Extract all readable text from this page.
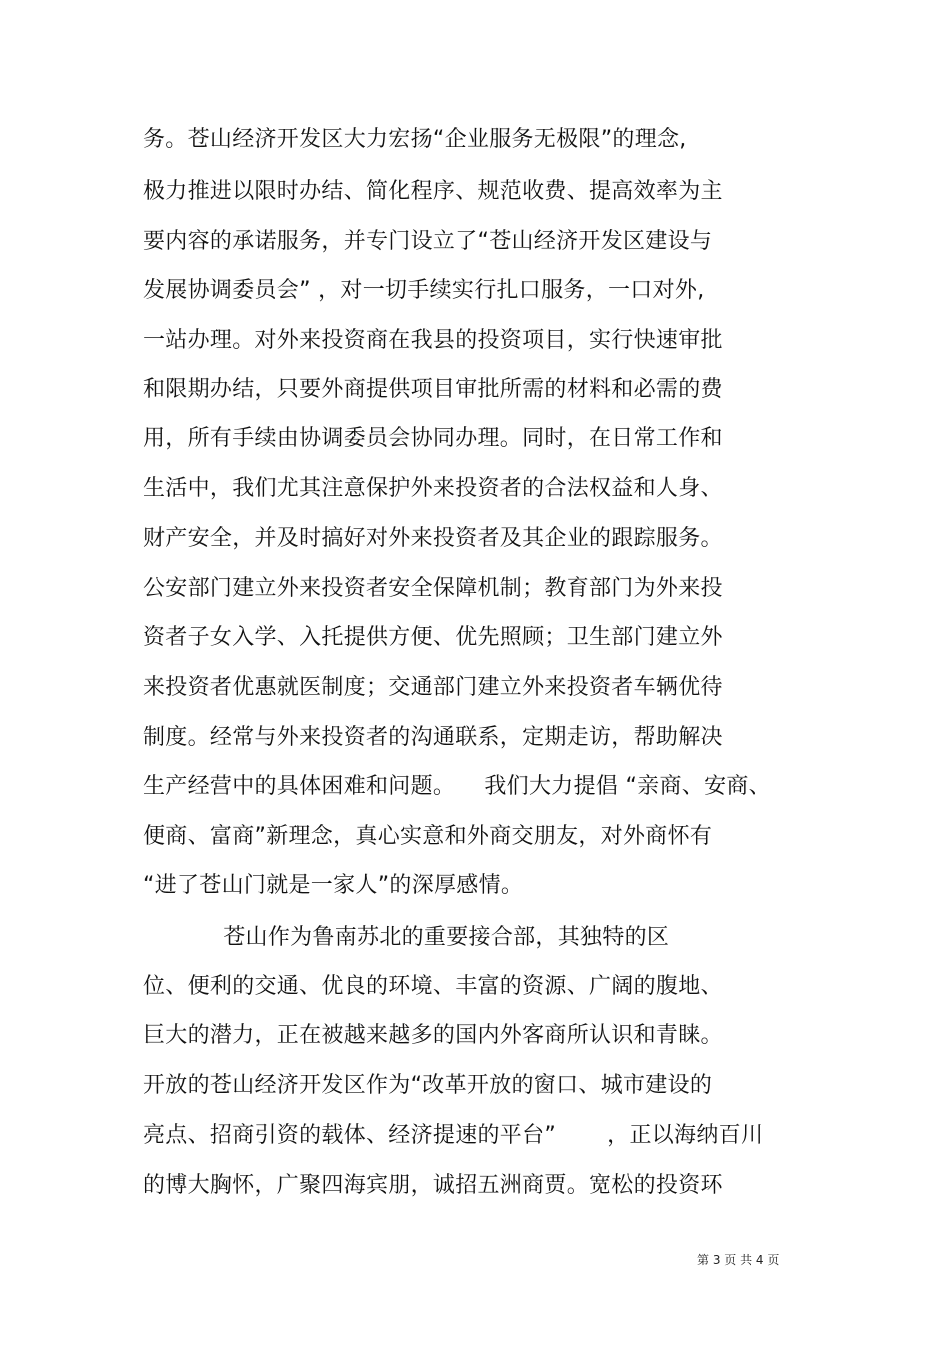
务。苍山经济开发区大力宏扬“企业服务无极限”的理念,
极力推进以限时办结、简化程序、规范收费、提高效率为主
要内容的承诺服务，并专门设立了“苍山经济开发区建设与
发展协调委员会” ，对一切手续实行扎口服务，一口对外,
一站办理。对外来投资商在我县的投资项目，实行快速审批
和限期办结，只要外商提供项目审批所需的材料和必需的费
用，所有手续由协调委员会协同办理。同时，在日常工作和
生活中，我们尤其注意保护外来投资者的合法权益和人身、
财产安全，并及时搞好对外来投资者及其企业的跟踪服务。
公安部门建立外来投资者安全保障机制；教育部门为外来投
资者子女入学、入托提供方便、优先照顾；卫生部门建立外
来投资者优惠就医制度；交通部门建立外来投资者车辆优待
制度。经常与外来投资者的沟通联系，定期走访，帮助解决
生产经营中的具体困难和问题。    我们大力提倡 “亲商、安商、
便商、富商”新理念，真心实意和外商交朋友，对外商怀有
“进了苍山门就是一家人”的深厚感情。
苍山作为鲁南苏北的重要接合部，其独特的区
位、便利的交通、优良的环境、丰富的资源、广阔的腹地、
巨大的潜力，正在被越来越多的国内外客商所认识和青睐。
开放的苍山经济开发区作为“改革开放的窗口、城市建设的
亮点、招商引资的载体、经济提速的平台”       ，正以海纳百川
的博大胸怀，广聚四海宾朋，诚招五洲商贾。宽松的投资环
第 3 页 共 4 页
